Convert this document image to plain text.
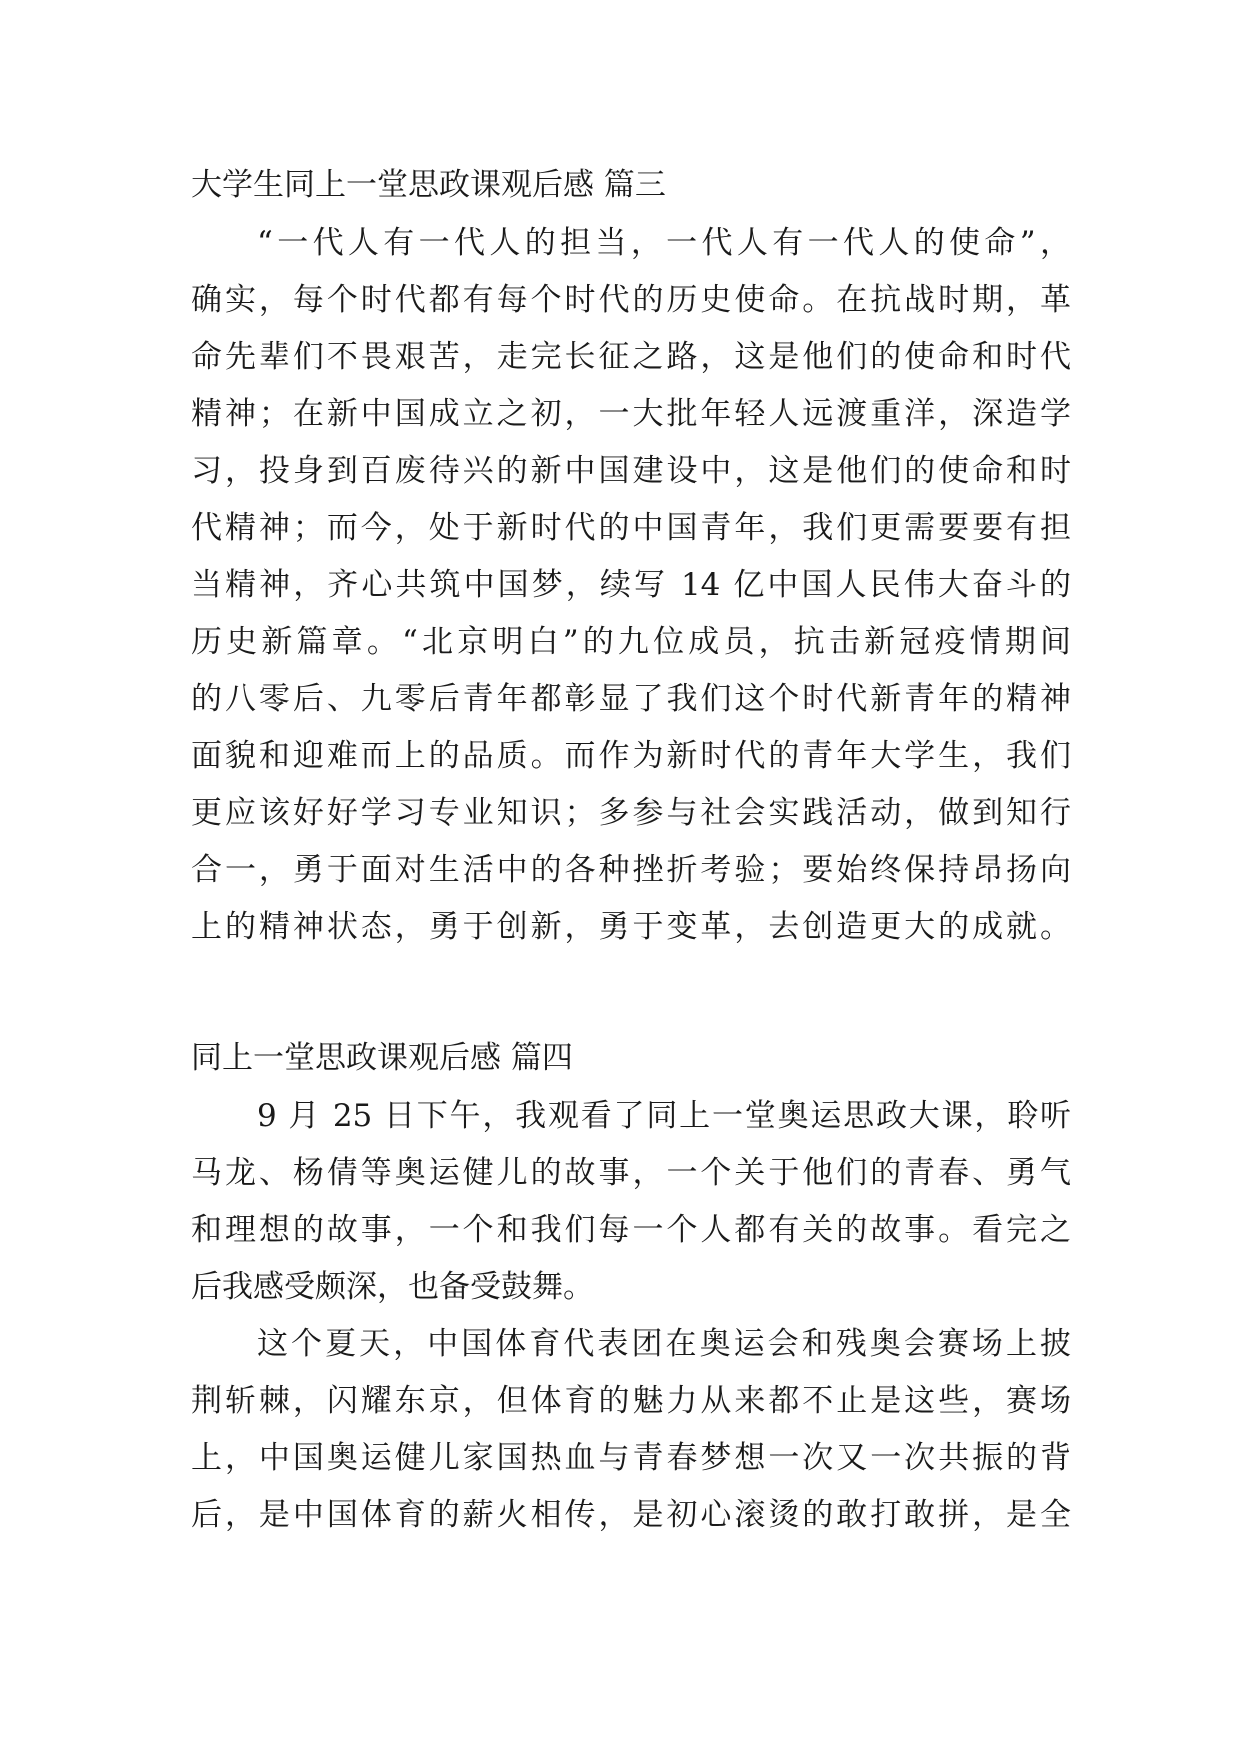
大学生同上一堂思政课观后感 篇三
“一代人有一代人的担当，一代人有一代人的使命”，
确实，每个时代都有每个时代的历史使命。在抗战时期，革
命先辈们不畏艰苦，走完长征之路，这是他们的使命和时代
精神；在新中国成立之初，一大批年轻人远渡重洋，深造学
习，投身到百废待兴的新中国建设中，这是他们的使命和时
代精神；而今，处于新时代的中国青年，我们更需要要有担
当精神，齐心共筑中国梦，续写 14 亿中国人民伟大奋斗的
历史新篇章。“北京明白”的九位成员，抗击新冠疫情期间
的八零后、九零后青年都彰显了我们这个时代新青年的精神
面貌和迎难而上的品质。而作为新时代的青年大学生，我们
更应该好好学习专业知识；多参与社会实践活动，做到知行
合一，勇于面对生活中的各种挫折考验；要始终保持昂扬向
上的精神状态，勇于创新，勇于变革，去创造更大的成就。
同上一堂思政课观后感 篇四
9 月 25 日下午，我观看了同上一堂奥运思政大课，聆听
马龙、杨倩等奥运健儿的故事，一个关于他们的青春、勇气
和理想的故事，一个和我们每一个人都有关的故事。看完之
后我感受颇深，也备受鼓舞。
这个夏天，中国体育代表团在奥运会和残奥会赛场上披
荆斩棘，闪耀东京，但体育的魅力从来都不止是这些，赛场
上，中国奥运健儿家国热血与青春梦想一次又一次共振的背
后，是中国体育的薪火相传，是初心滚烫的敢打敢拼，是全
